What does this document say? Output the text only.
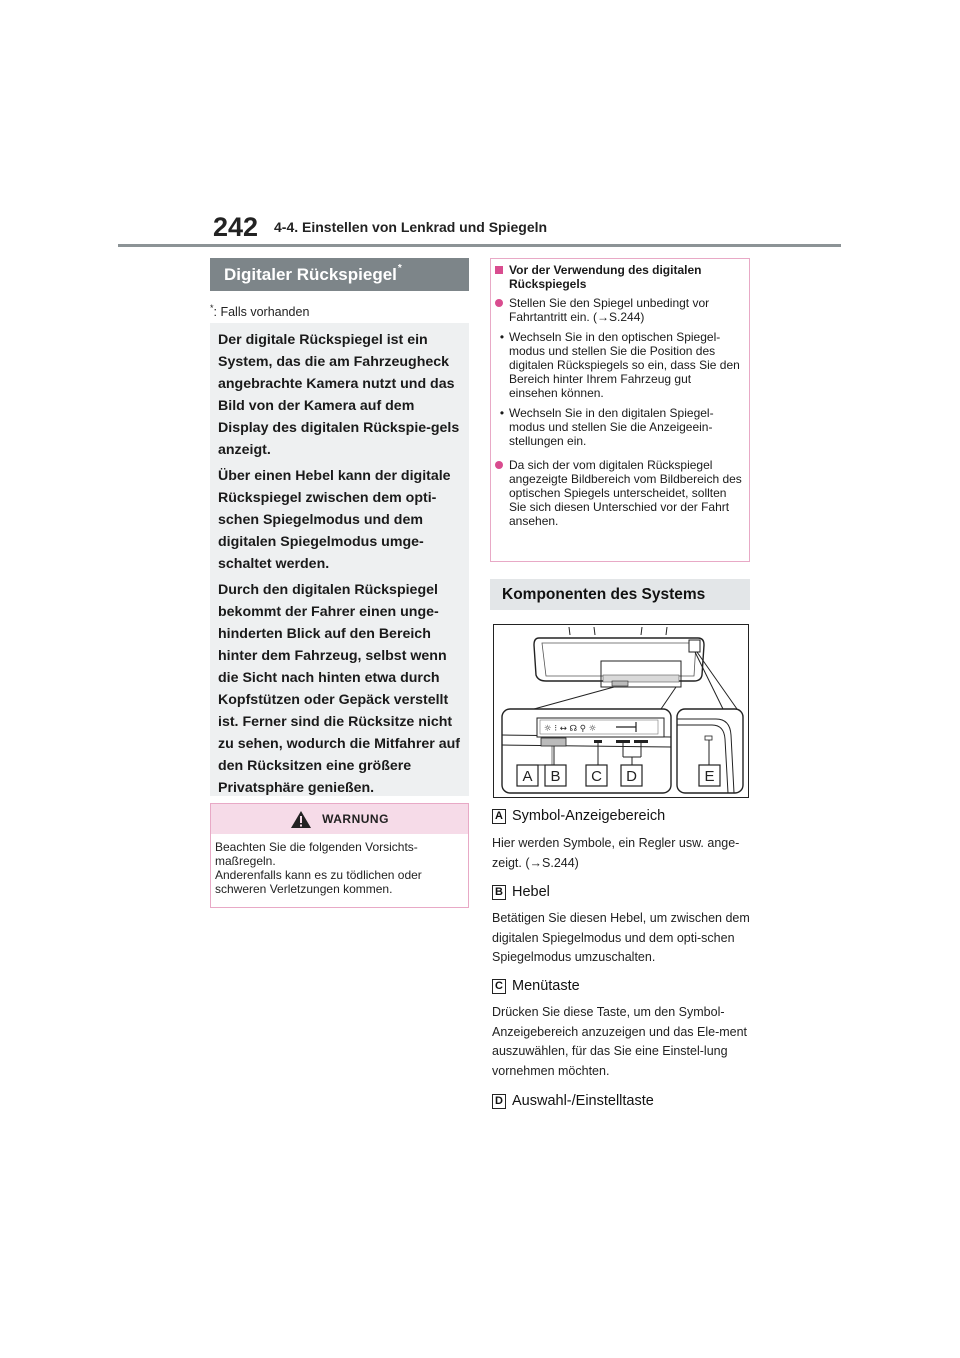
242 4-4. Einstellen von Lenkrad und Spiegeln
Digitaler Rückspiegel*
*: Falls vorhanden

Der digitale Rückspiegel ist ein System, das die am Fahrzeugheck angebrachte Kamera nutzt und das Bild von der Kamera auf dem Display des digitalen Rückspie-gels anzeigt.

Über einen Hebel kann der digitale Rückspiegel zwischen dem opti-schen Spiegelmodus und dem digitalen Spiegelmodus umge-schaltet werden.

Durch den digitalen Rückspiegel bekommt der Fahrer einen unge-hinderten Blick auf den Bereich hinter dem Fahrzeug, selbst wenn die Sicht nach hinten etwa durch Kopfstützen oder Gepäck verstellt ist. Ferner sind die Rücksitze nicht zu sehen, wodurch die Mitfahrer auf den Rücksitzen eine größere Privatsphäre genießen.

WARNUNG
Beachten Sie die folgenden Vorsichts-maßregeln.
Anderenfalls kann es zu tödlichen oder schweren Verletzungen kommen.
Vor der Verwendung des digitalen Rückspiegels
Stellen Sie den Spiegel unbedingt vor Fahrtantritt ein. (→S.244)
• Wechseln Sie in den optischen Spiegel-modus und stellen Sie die Position des digitalen Rückspiegels so ein, dass Sie den Bereich hinter Ihrem Fahrzeug gut einsehen können.
• Wechseln Sie in den digitalen Spiegel-modus und stellen Sie die Anzeigeein-stellungen ein.
Da sich der vom digitalen Rückspiegel angezeigte Bildbereich vom Bildbereich des optischen Spiegels unterscheidet, sollten Sie sich diesen Unterschied vor der Fahrt ansehen.
Komponenten des Systems
☼ ⁝ ↔ ☊ ⚲ ☼
A B C D	E
A Symbol-Anzeigebereich
Hier werden Symbole, ein Regler usw. ange-zeigt. (→S.244)
B Hebel
Betätigen Sie diesen Hebel, um zwischen dem digitalen Spiegelmodus und dem opti-schen Spiegelmodus umzuschalten.
C Menütaste
Drücken Sie diese Taste, um den Symbol-Anzeigebereich anzuzeigen und das Ele-ment auszuwählen, für das Sie eine Einstel-lung vornehmen möchten.
D Auswahl-/Einstelltaste
